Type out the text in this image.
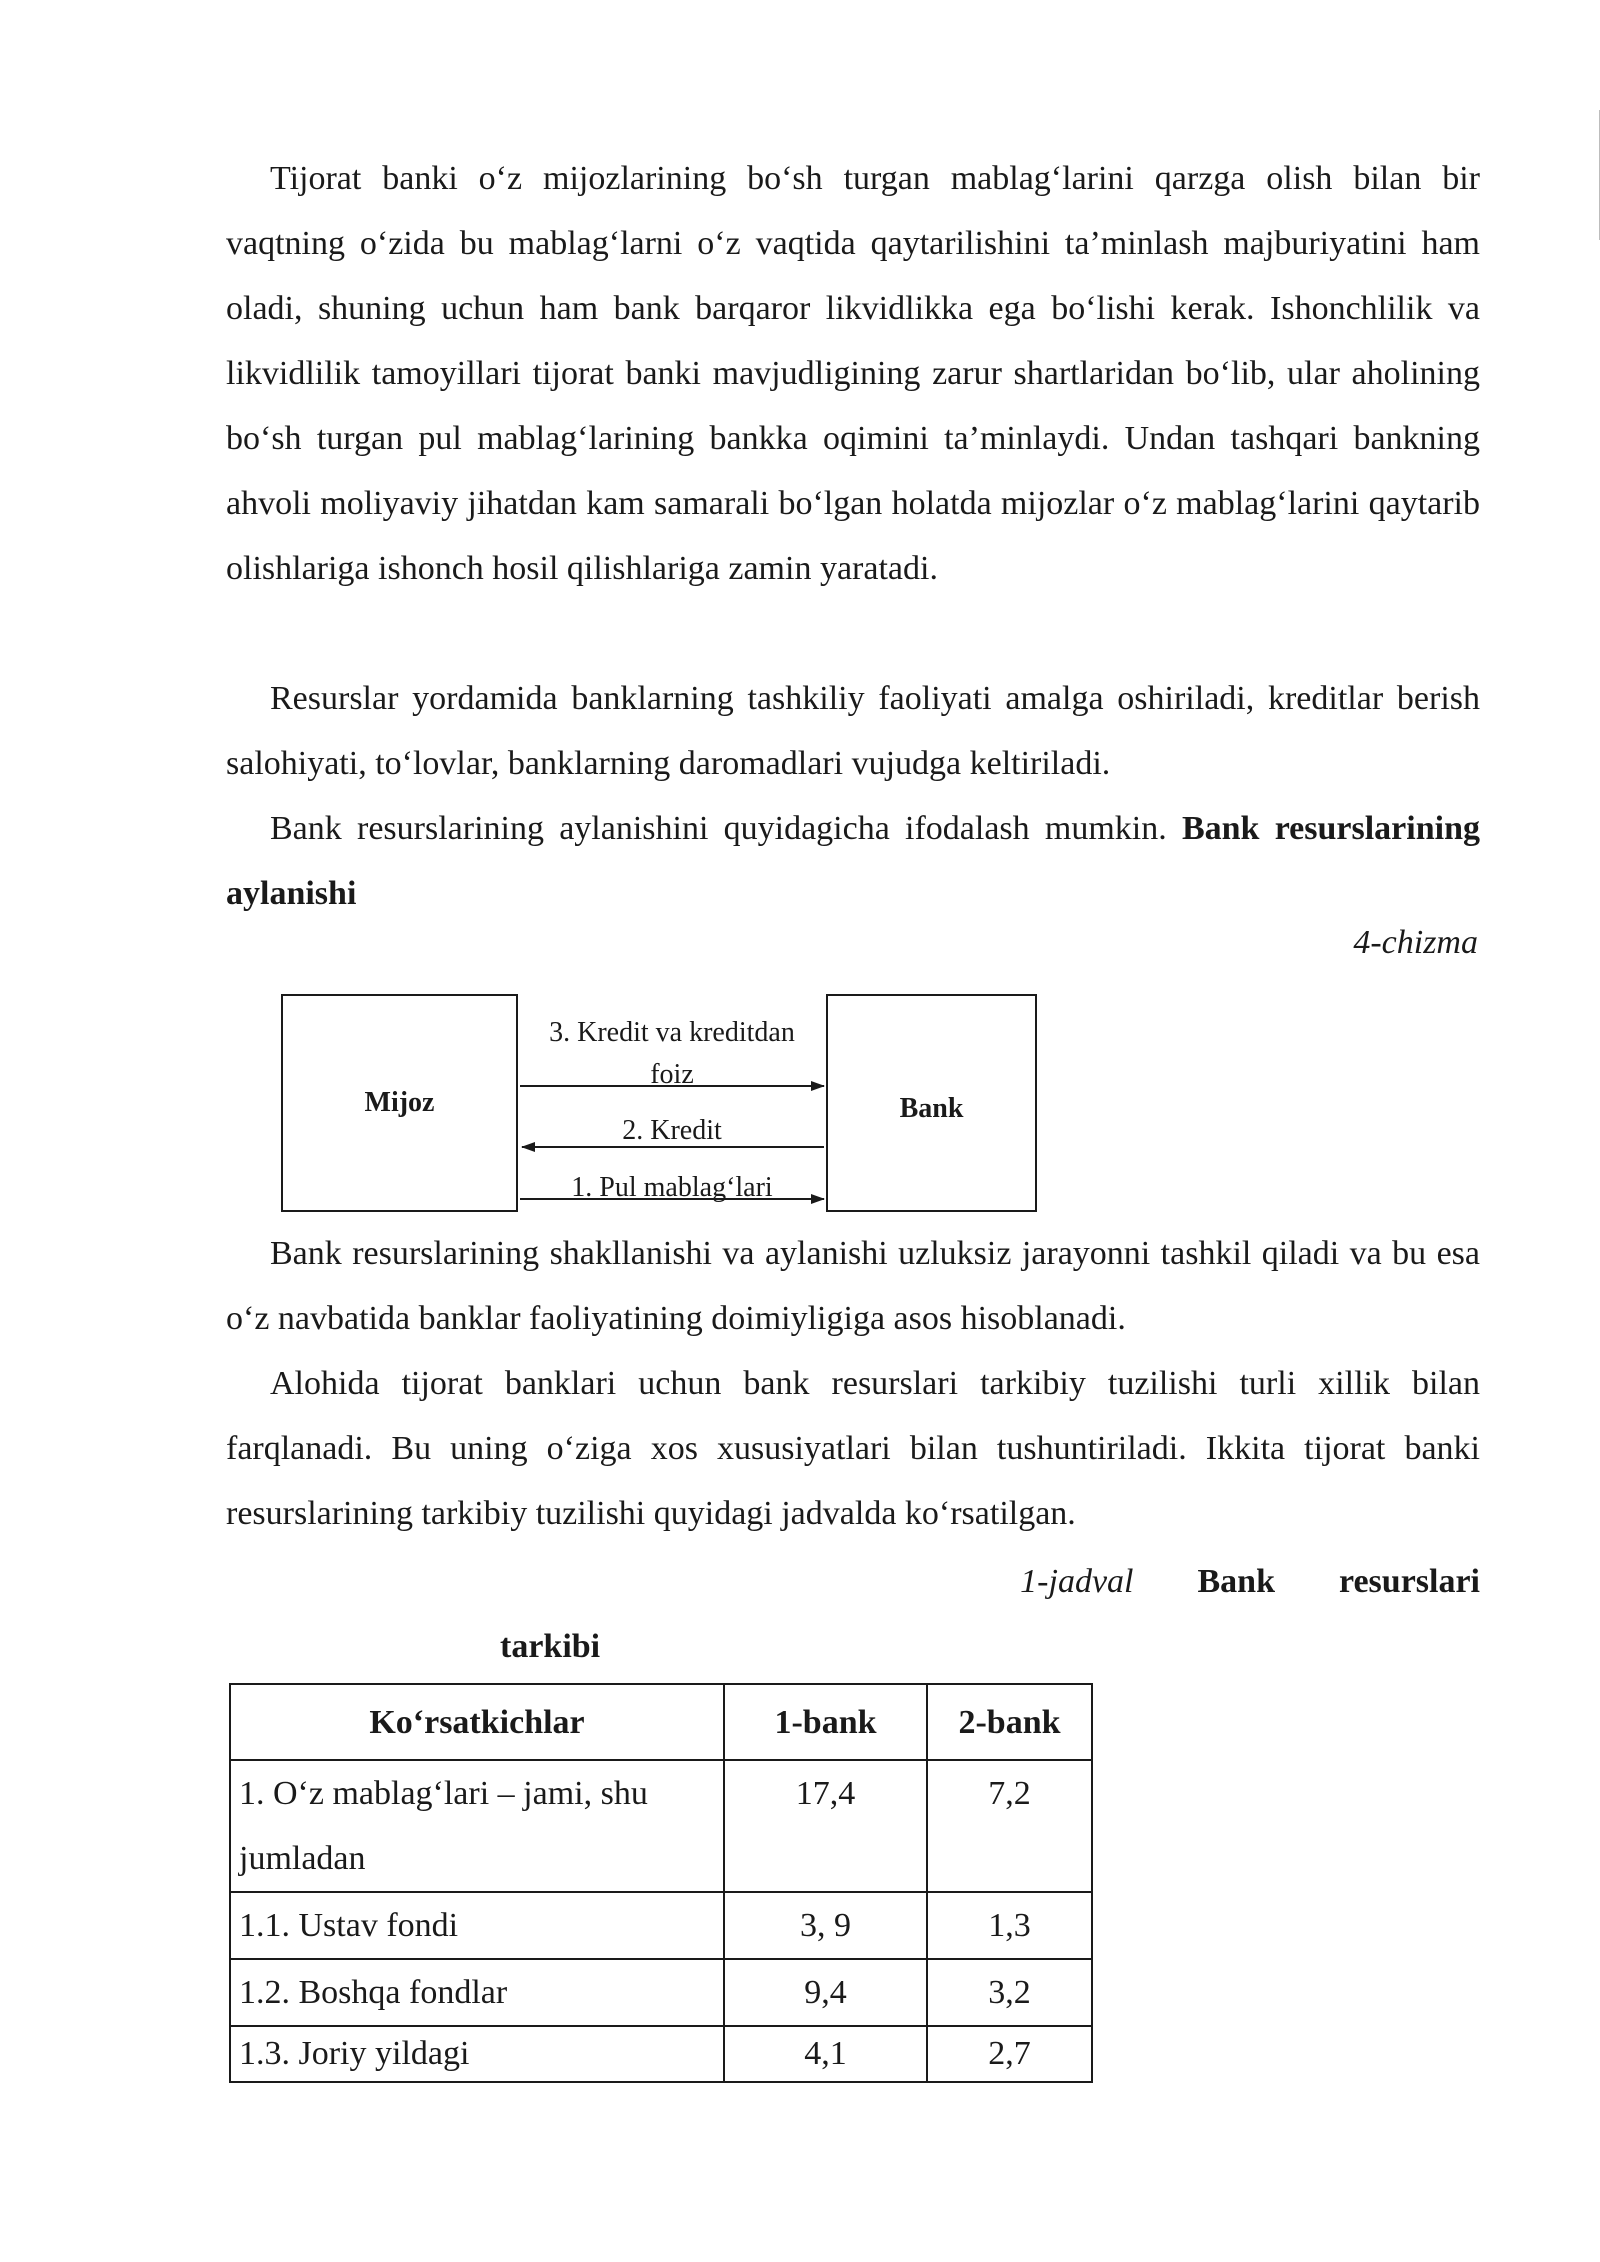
Tijorat banki o‘z mijozlarining bo‘sh turgan mablag‘larini qarzga olish bilan bir vaqtning o‘zida bu mablag‘larni o‘z vaqtida qaytarilishini ta’minlash majburiyatini ham oladi, shuning uchun ham bank barqaror likvidlikka ega bo‘lishi kerak. Ishonchlilik va likvidlilik tamoyillari tijorat banki mavjudligining zarur shartlaridan bo‘lib, ular aholining bo‘sh turgan pul mablag‘larining bankka oqimini ta’minlaydi. Undan tashqari bankning ahvoli moliyaviy jihatdan kam samarali bo‘lgan holatda mijozlar o‘z mablag‘larini qaytarib olishlariga ishonch hosil qilishlariga zamin yaratadi.

Resurslar yordamida banklarning tashkiliy faoliyati amalga oshiriladi, kreditlar berish salohiyati, to‘lovlar, banklarning daromadlari vujudga keltiriladi.

Bank resurslarining aylanishini quyidagicha ifodalash mumkin. Bank resurslarining aylanishi

4-chizma
Mijoz	Bank
3. Kredit va kreditdan foiz
2. Kredit
1. Pul mablag‘lari

Bank resurslarining shakllanishi va aylanishi uzluksiz jarayonni tashkil qiladi va bu esa o‘z navbatida banklar faoliyatining doimiyligiga asos hisoblanadi.

Alohida tijorat banklari uchun bank resurslari tarkibiy tuzilishi turli xillik bilan farqlanadi. Bu uning o‘ziga xos xususiyatlari bilan tushuntiriladi. Ikkita tijorat banki resurslarining tarkibiy tuzilishi quyidagi jadvalda ko‘rsatilgan.

1-jadval Bank resurslari
tarkibi
Ko‘rsatkichlar	1-bank	2-bank
1. O‘z mablag‘lari – jami, shu jumladan	17,4	7,2
1.1. Ustav fondi	3, 9	1,3
1.2. Boshqa fondlar	9,4	3,2
1.3. Joriy yildagi	4,1	2,7
